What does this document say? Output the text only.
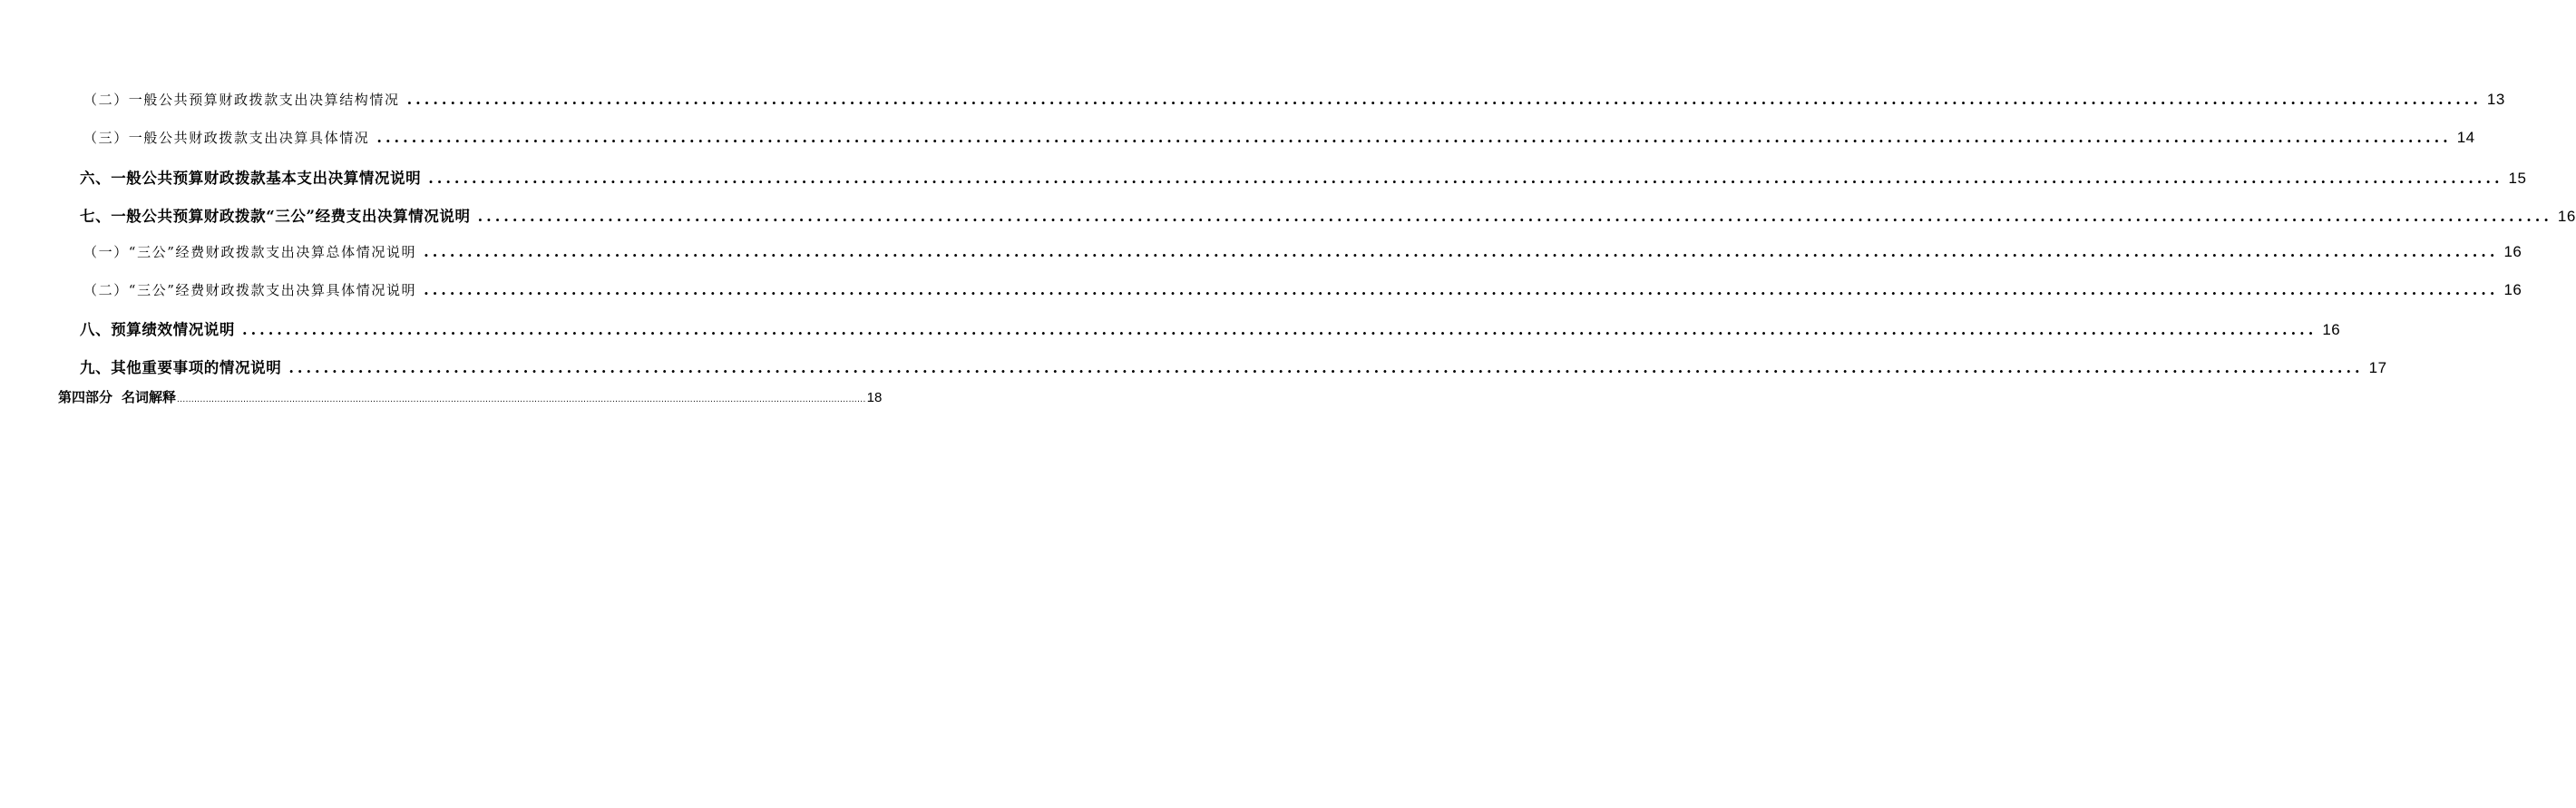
（二）一般公共预算财政拨款支出决算结构情况 ............................................................................................................................................................................................................................................... 13
（三）一般公共财政拨款支出决算具体情况 ............................................................................................................................................................................................................................................... 14
六、一般公共预算财政拨款基本支出决算情况说明 ............................................................................................................................................................................................................................................... 15
七、一般公共预算财政拨款“三公”经费支出决算情况说明 ............................................................................................................................................................................................................................................... 16
（一）“三公”经费财政拨款支出决算总体情况说明 ............................................................................................................................................................................................................................................... 16
（二）“三公”经费财政拨款支出决算具体情况说明 ............................................................................................................................................................................................................................................... 16
八、预算绩效情况说明 ............................................................................................................................................................................................................................................... 16
九、其他重要事项的情况说明 ............................................................................................................................................................................................................................................... 17
第四部分 名词解释 ............................................................................................................................................................................................................................................... 18
